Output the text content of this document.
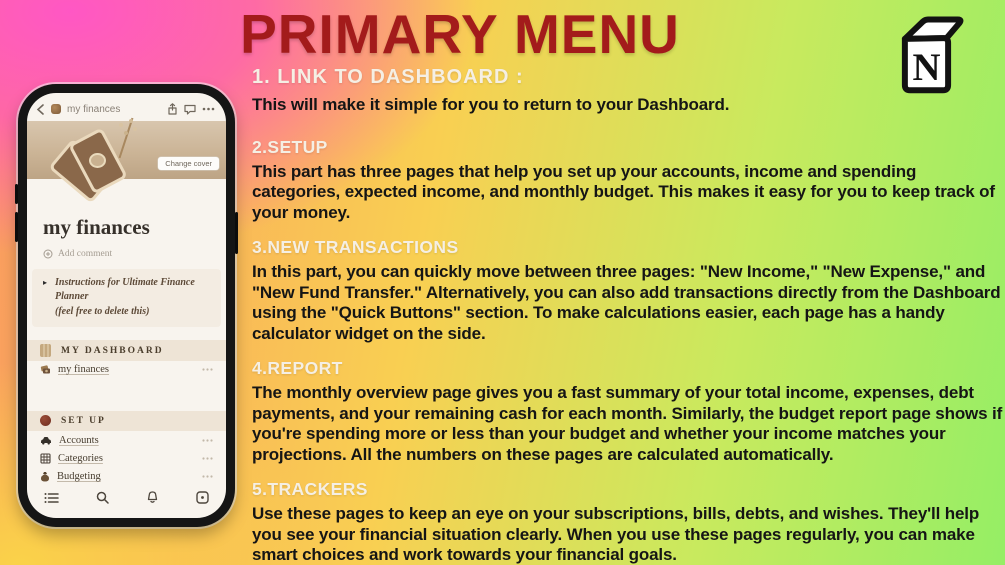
PRIMARY MENU
N
1. LINK TO DASHBOARD :
This will make it simple for you to return to your Dashboard.
2.SETUP
This part has three pages that help you set up your accounts, income and spending categories, expected income, and monthly budget. This makes it easy for you to keep track of your money.
3.NEW TRANSACTIONS
In this part, you can quickly move between three pages: "New Income," "New Expense," and "New Fund Transfer." Alternatively, you can also add transactions directly from the Dashboard using the "Quick Buttons" section. To make calculations easier, each page has a handy calculator widget on the side.
4.REPORT
The monthly overview page gives you a fast summary of your total income, expenses, debt payments, and your remaining cash for each month. Similarly, the budget report page shows if you're spending more or less than your budget and whether your income matches your projections. All the numbers on these pages are calculated automatically.
5.TRACKERS
Use these pages to keep an eye on your subscriptions, bills, debts, and wishes. They'll help you see your financial situation clearly. When you use these pages regularly, you can make smart choices and work towards your financial goals.
my finances
Change cover
my finances
Add comment
▸ Instructions for Ultimate Finance Planner
(feel free to delete this)
MY DASHBOARD
my finances
SET UP
Accounts
Categories
Budgeting
